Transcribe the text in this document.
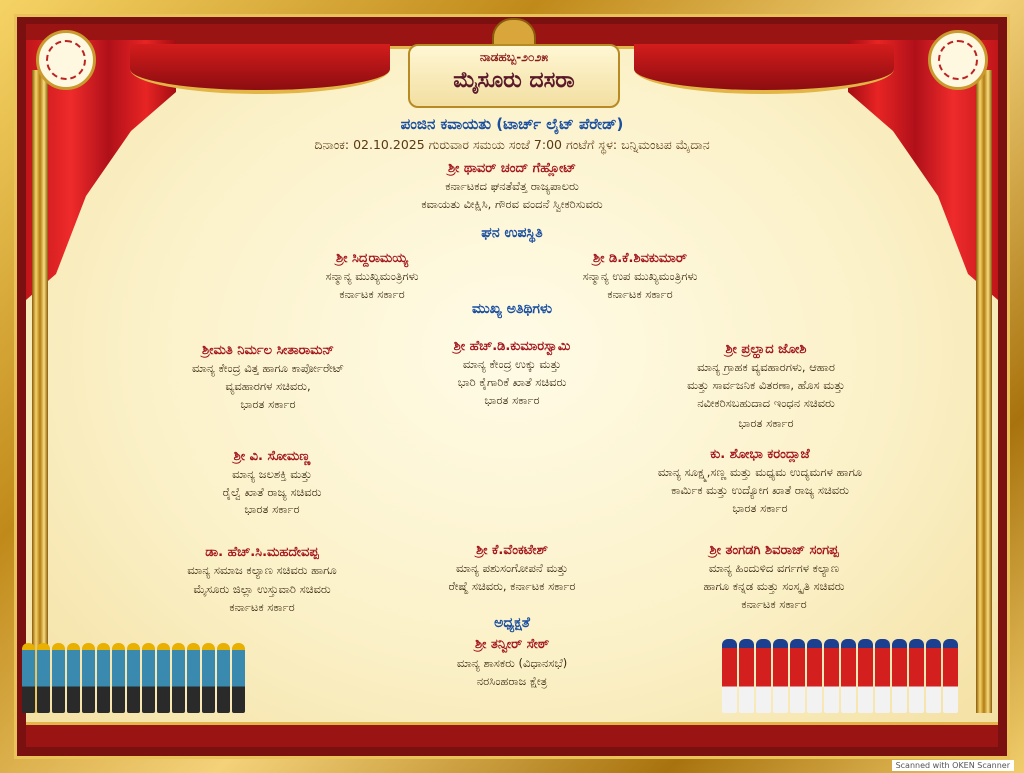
ನಾಡಹಬ್ಬ-೨೦೨೫
ಮೈಸೂರು ದಸರಾ
ಪಂಜಿನ ಕವಾಯತು (ಟಾರ್ಚ್ ಲೈಟ್ ಪೆರೇಡ್)
ದಿನಾಂಕ: 02.10.2025 ಗುರುವಾರ ಸಮಯ ಸಂಜೆ 7:00 ಗಂಟೆಗೆ ಸ್ಥಳ: ಬನ್ನಿಮಂಟಪ ಮೈದಾನ
ಶ್ರೀ ಥಾವರ್ ಚಂದ್ ಗೆಹ್ಲೋಟ್
ಕರ್ನಾಟಕದ ಘನತೆವೆತ್ತ ರಾಜ್ಯಪಾಲರು
ಕವಾಯತು ವೀಕ್ಷಿಸಿ, ಗೌರವ ವಂದನೆ ಸ್ವೀಕರಿಸುವರು
ಘನ ಉಪಸ್ಥಿತಿ
ಶ್ರೀ ಸಿದ್ದರಾಮಯ್ಯ
ಸನ್ಮಾನ್ಯ ಮುಖ್ಯಮಂತ್ರಿಗಳು
ಕರ್ನಾಟಕ ಸರ್ಕಾರ
ಶ್ರೀ ಡಿ.ಕೆ.ಶಿವಕುಮಾರ್
ಸನ್ಮಾನ್ಯ ಉಪ ಮುಖ್ಯಮಂತ್ರಿಗಳು
ಕರ್ನಾಟಕ ಸರ್ಕಾರ
ಮುಖ್ಯ ಅತಿಥಿಗಳು
ಶ್ರೀಮತಿ ನಿರ್ಮಲ ಸೀತಾರಾಮನ್
ಮಾನ್ಯ ಕೇಂದ್ರ ವಿತ್ತ ಹಾಗೂ ಕಾರ್ಪೋರೇಟ್
ವ್ಯವಹಾರಗಳ ಸಚಿವರು,
ಭಾರತ ಸರ್ಕಾರ
ಶ್ರೀ ಹೆಚ್.ಡಿ.ಕುಮಾರಸ್ವಾಮಿ
ಮಾನ್ಯ ಕೇಂದ್ರ ಉಕ್ಕು ಮತ್ತು
ಭಾರಿ ಕೈಗಾರಿಕೆ ಖಾತೆ ಸಚಿವರು
ಭಾರತ ಸರ್ಕಾರ
ಶ್ರೀ ಪ್ರಲ್ಹಾದ ಜೋಶಿ
ಮಾನ್ಯ ಗ್ರಾಹಕ ವ್ಯವಹಾರಗಳು, ಆಹಾರ
ಮತ್ತು ಸಾರ್ವಜನಿಕ ವಿತರಣಾ, ಹೊಸ ಮತ್ತು
ನವೀಕರಿಸಬಹುದಾದ ಇಂಧನ ಸಚಿವರು
ಭಾರತ ಸರ್ಕಾರ
ಶ್ರೀ ವಿ. ಸೋಮಣ್ಣ
ಮಾನ್ಯ ಜಲಶಕ್ತಿ ಮತ್ತು
ರೈಲ್ವೆ ಖಾತೆ ರಾಜ್ಯ ಸಚಿವರು
ಭಾರತ ಸರ್ಕಾರ
ಕು. ಶೋಭಾ ಕರಂದ್ಲಾಜೆ
ಮಾನ್ಯ ಸೂಕ್ಷ್ಮ,ಸಣ್ಣ ಮತ್ತು ಮಧ್ಯಮ ಉದ್ಯಮಗಳ ಹಾಗೂ
ಕಾರ್ಮಿಕ ಮತ್ತು ಉದ್ಯೋಗ ಖಾತೆ ರಾಜ್ಯ ಸಚಿವರು
ಭಾರತ ಸರ್ಕಾರ
ಡಾ. ಹೆಚ್.ಸಿ.ಮಹದೇವಪ್ಪ
ಮಾನ್ಯ ಸಮಾಜ ಕಲ್ಯಾಣ ಸಚಿವರು ಹಾಗೂ
ಮೈಸೂರು ಜಿಲ್ಲಾ ಉಸ್ತುವಾರಿ ಸಚಿವರು
ಕರ್ನಾಟಕ ಸರ್ಕಾರ
ಶ್ರೀ ಕೆ.ವೆಂಕಟೇಶ್
ಮಾನ್ಯ ಪಶುಸಂಗೋಪನೆ ಮತ್ತು
ರೇಷ್ಮೆ ಸಚಿವರು, ಕರ್ನಾಟಕ ಸರ್ಕಾರ
ಶ್ರೀ ತಂಗಡಗಿ ಶಿವರಾಜ್ ಸಂಗಪ್ಪ
ಮಾನ್ಯ ಹಿಂದುಳಿದ ವರ್ಗಗಳ ಕಲ್ಯಾಣ
ಹಾಗೂ ಕನ್ನಡ ಮತ್ತು ಸಂಸ್ಕೃತಿ ಸಚಿವರು
ಕರ್ನಾಟಕ ಸರ್ಕಾರ
ಅಧ್ಯಕ್ಷತೆ
ಶ್ರೀ ತನ್ವೀರ್ ಸೇಠ್
ಮಾನ್ಯ ಶಾಸಕರು (ವಿಧಾನಸಭೆ)
ನರಸಿಂಹರಾಜ ಕ್ಷೇತ್ರ
Scanned with OKEN Scanner
